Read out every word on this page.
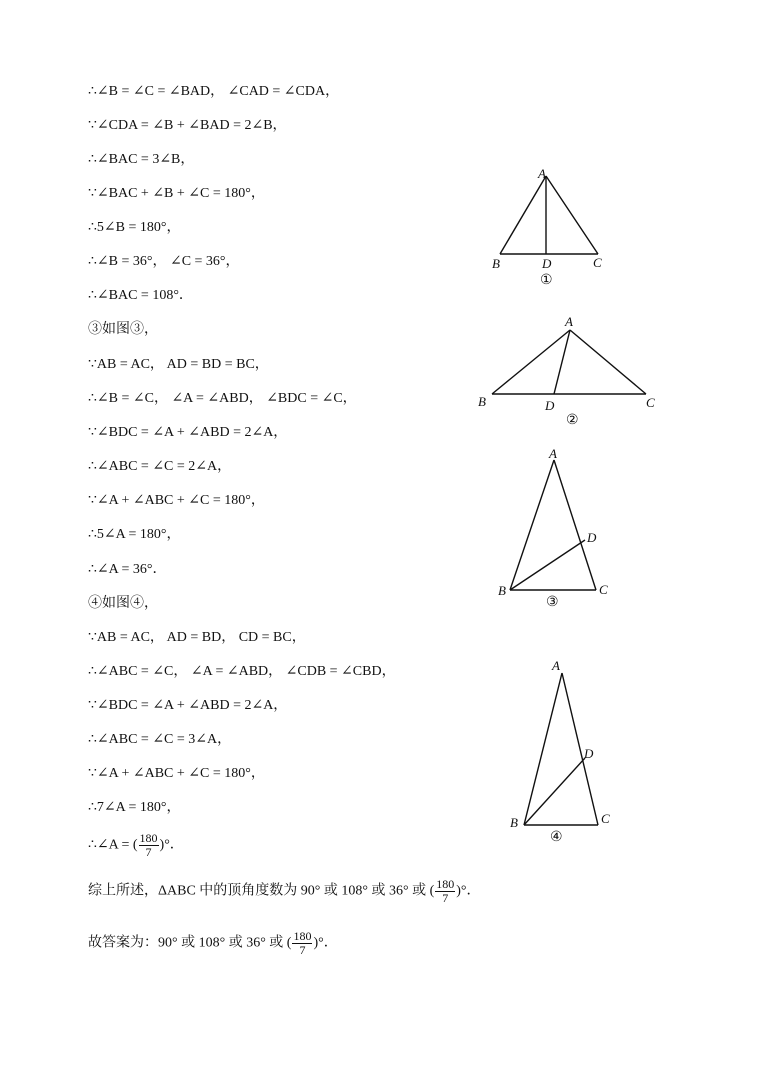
∴∠B = ∠C = ∠BAD， ∠CAD = ∠CDA，
∵∠CDA = ∠B + ∠BAD = 2∠B，
∴∠BAC = 3∠B，
∵∠BAC + ∠B + ∠C = 180°，
∴5∠B = 180°，
∴∠B = 36°， ∠C = 36°，
∴∠BAC = 108°．
③如图③，
∵AB = AC， AD = BD = BC，
∴∠B = ∠C， ∠A = ∠ABD， ∠BDC = ∠C，
∵∠BDC = ∠A + ∠ABD = 2∠A，
∴∠ABC = ∠C = 2∠A，
∵∠A + ∠ABC + ∠C = 180°，
∴5∠A = 180°，
∴∠A = 36°．
④如图④，
∵AB = AC， AD = BD， CD = BC，
∴∠ABC = ∠C， ∠A = ∠ABD， ∠CDB = ∠CBD，
∵∠BDC = ∠A + ∠ABD = 2∠A，
∴∠ABC = ∠C = 3∠A，
∵∠A + ∠ABC + ∠C = 180°，
∴7∠A = 180°，
∴∠A = ( $\frac{180}{7}$ )°．
综上所述，ΔABC 中的顶角度数为 90° 或 108° 或 36° 或 ( $\frac{180}{7}$ )°．
故答案为：90° 或 108° 或 36° 或 ( $\frac{180}{7}$ )°．
A
B	D	C
①
A
B	D	C
②
A
B
D
C
③
A
B
D
C
④
